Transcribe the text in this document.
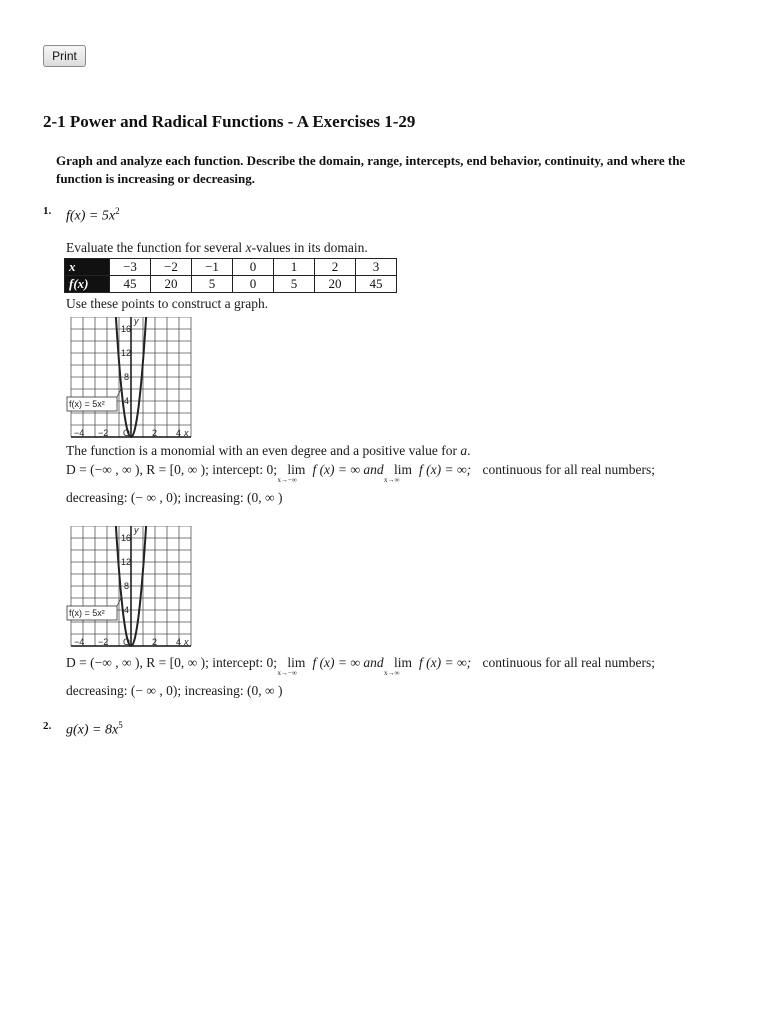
Print
2-1 Power and Radical Functions - A Exercises 1-29

Graph and analyze each function. Describe the domain, range, intercepts, end behavior, continuity, and where the function is increasing or decreasing.

1. $f(x) = 5x^2$
Evaluate the function for several x-values in its domain.
x	−3	−2	−1	0	1	2	3
f(x)	45	20	5	0	5	20	45
Use these points to construct a graph.
y
16
12
8
4
−4 −2 O 2 4 x
f(x) = 5x²
The function is a monomial with an even degree and a positive value for a.
D = (−∞ , ∞ ), R = [0, ∞ ); intercept: 0; lim
x→−∞
f (x) = ∞ and lim
x→∞
f (x) = ∞; continuous for all real numbers;
decreasing: (− ∞ , 0); increasing: (0, ∞ )
y
16
12
8
4
−4 −2 O 2 4 x
f(x) = 5x²
D = (−∞ , ∞ ), R = [0, ∞ ); intercept: 0; lim
x→−∞
f (x) = ∞ and lim
x→∞
f (x) = ∞; continuous for all real numbers;
decreasing: (− ∞ , 0); increasing: (0, ∞ )
2. $g(x) = 8x^5$
